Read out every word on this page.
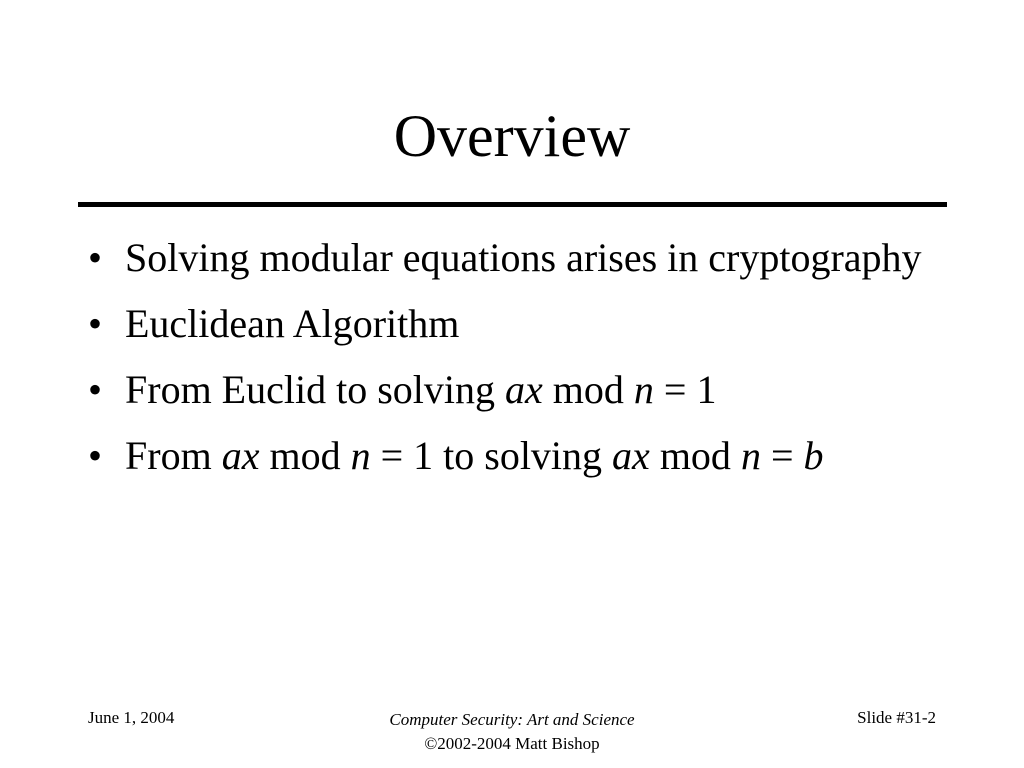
Overview
• Solving modular equations arises in cryptography
• Euclidean Algorithm
• From Euclid to solving ax mod n = 1
• From ax mod n = 1 to solving ax mod n = b
June 1, 2004	Computer Security: Art and Science
©2002-2004 Matt Bishop
Slide #31-2
